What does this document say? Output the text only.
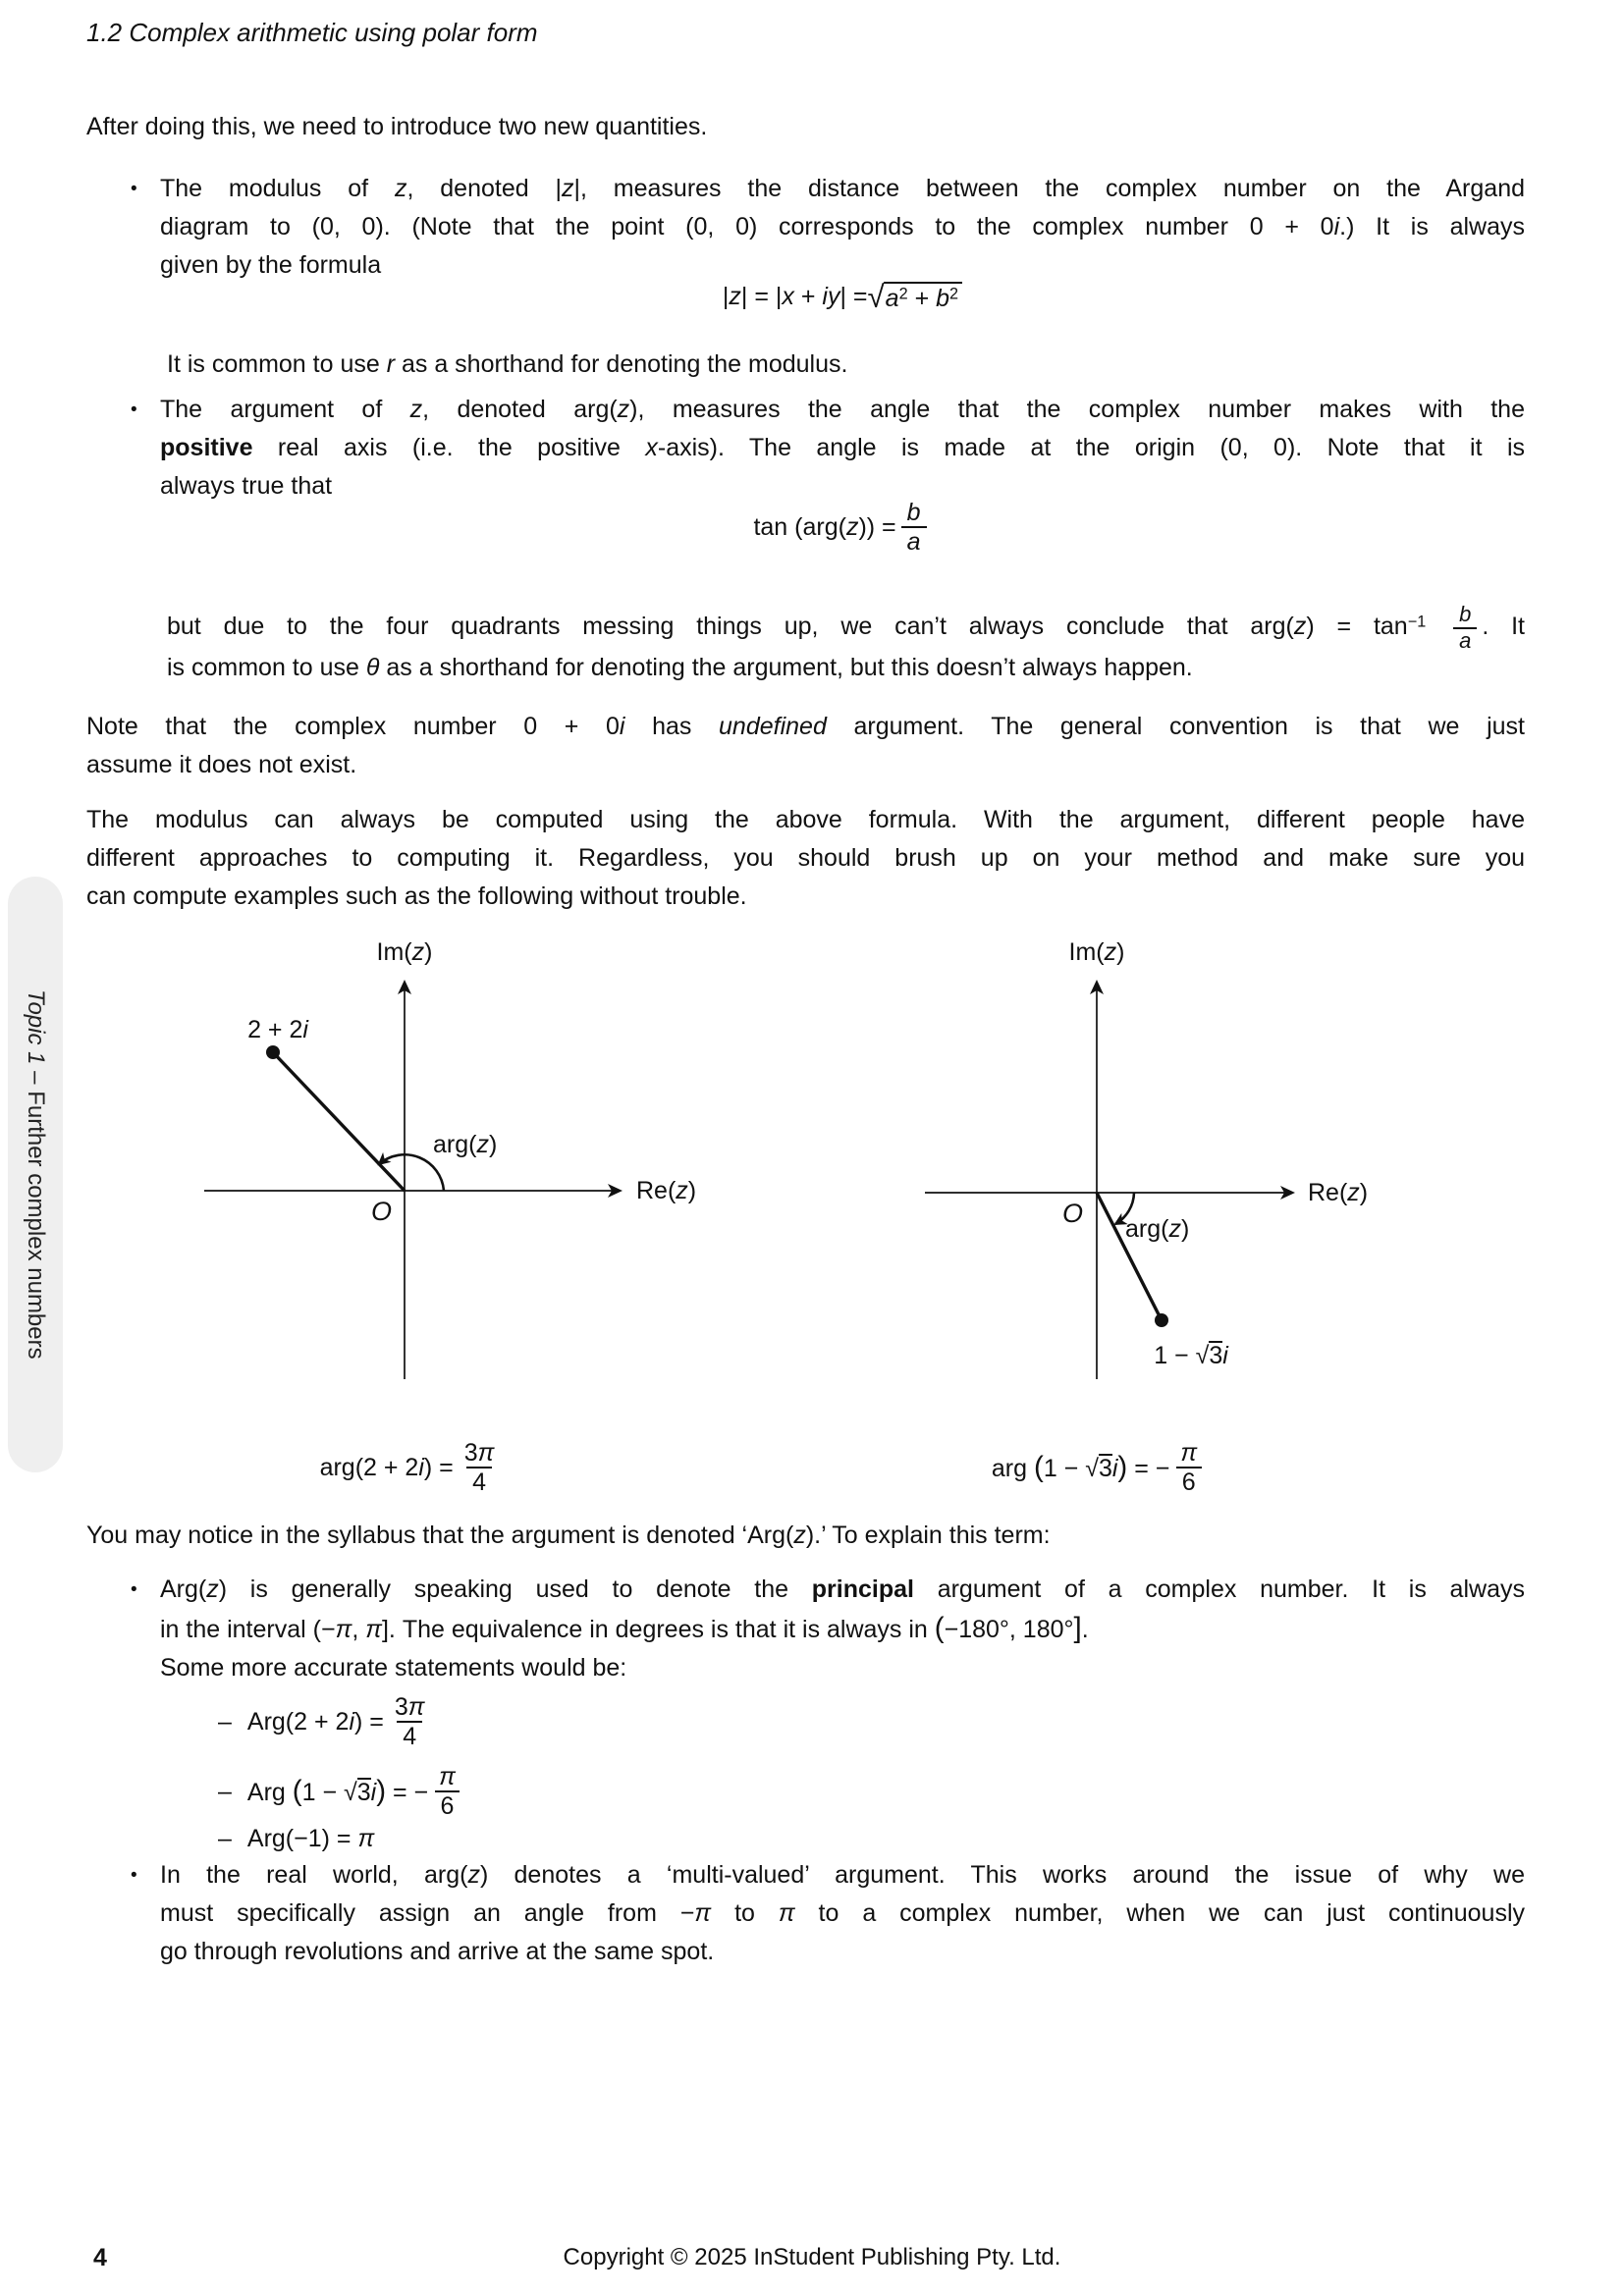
1.2 Complex arithmetic using polar form
Topic 1 – Further complex numbers
After doing this, we need to introduce two new quantities.
• The modulus of z, denoted |z|, measures the distance between the complex number on the Argand
diagram to (0, 0). (Note that the point (0, 0) corresponds to the complex number 0 + 0i.) It is always
given by the formula
|z| = |x + iy| = √ $a^2 + b^2$
It is common to use r as a shorthand for denoting the modulus.
• The argument of z, denoted arg(z), measures the angle that the complex number makes with the
positive real axis (i.e. the positive x-axis). The angle is made at the origin (0, 0). Note that it is
always true that
$\tan (arg(z)) = \frac{b}{a}$
but due to the four quadrants messing things up, we can’t always conclude that $arg(z) = \tan^{-1} \frac{b}{a}$ . It
is common to use θ as a shorthand for denoting the argument, but this doesn’t always happen.
Note that the complex number 0 + 0i has undefined argument. The general convention is that we just
assume it does not exist.
The modulus can always be computed using the above formula. With the argument, different people have
different approaches to computing it. Regardless, you should brush up on your method and make sure you
can compute examples such as the following without trouble.
Im(z)
Re(z)
2 + 2i
arg(z)
O
Im(z)
Re(z)
1 − √3i
arg(z)
O
$arg(2 + 2i) = \frac{3\pi}{4}$	arg (1 − √3i) = − $\frac{\pi}{6}$
You may notice in the syllabus that the argument is denoted ‘Arg(z).’ To explain this term:
• Arg(z) is generally speaking used to denote the principal argument of a complex number. It is always
in the interval (−π, π]. The equivalence in degrees is that it is always in (−180°, 180°].
Some more accurate statements would be:
– $Arg(2 + 2i) = \frac{3\pi}{4}$
– Arg (1 − √3i) = − $\frac{\pi}{6}$
– Arg(−1) = π
• In the real world, arg(z) denotes a ‘multi-valued’ argument. This works around the issue of why we
must specifically assign an angle from −π to π to a complex number, when we can just continuously
go through revolutions and arrive at the same spot.
4	Copyright © 2025 InStudent Publishing Pty. Ltd.
